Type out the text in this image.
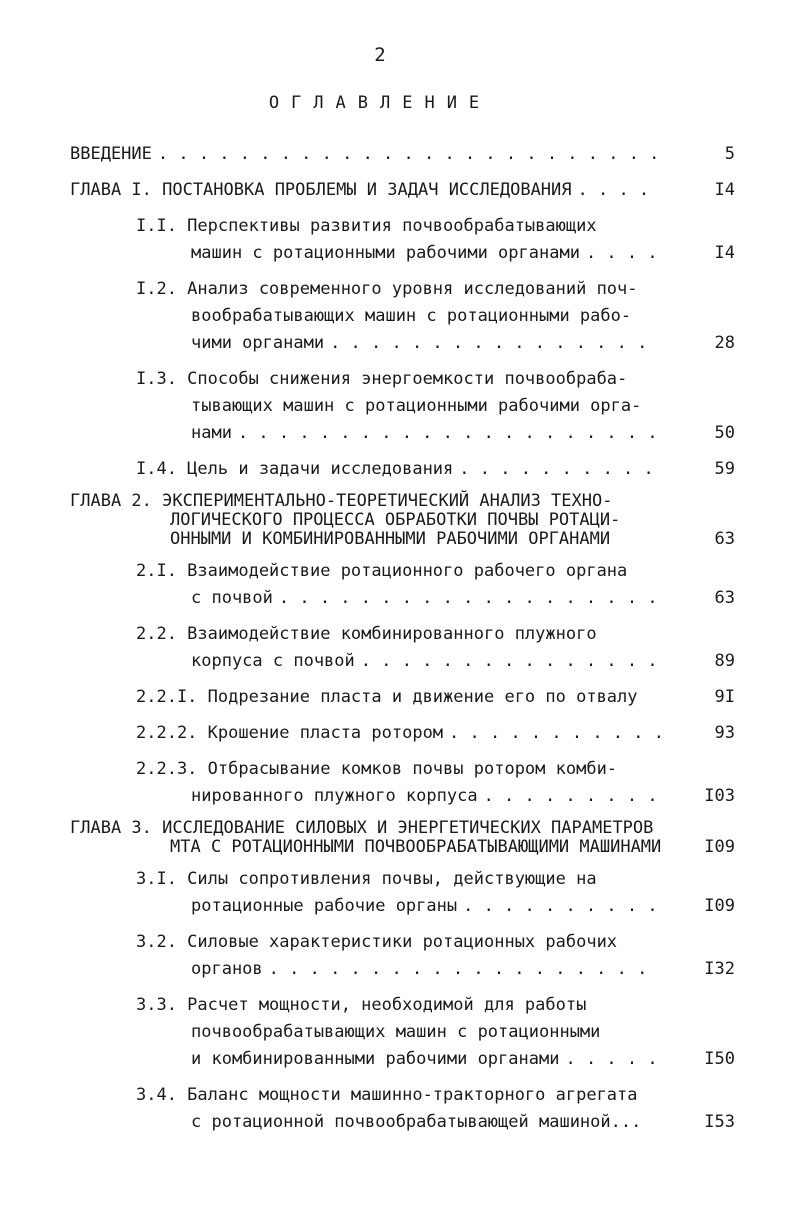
2
ОГЛАВЛЕНИЕ
ВВЕДЕНИЕ . . .	5
ГЛАВА I. ПОСТАНОВКА ПРОБЛЕМЫ И ЗАДАЧ ИССЛЕДОВАНИЯ . . .	I4
I.I. Перспективы развития почвообрабатывающих
машин с ротационными рабочими органами . . .	I4
I.2. Анализ современного уровня исследований поч-
вообрабатывающих машин с ротационными рабо-
чими органами . . .	28
I.3. Способы снижения энергоемкости почвообраба-
тывающих машин с ротационными рабочими орга-
нами . . .	50
I.4. Цель и задачи исследования . . .	59
ГЛАВА 2. ЭКСПЕРИМЕНТАЛЬНО-ТЕОРЕТИЧЕСКИЙ АНАЛИЗ ТЕХНО-
ЛОГИЧЕСКОГО ПРОЦЕССА ОБРАБОТКИ ПОЧВЫ РОТАЦИ-
ОННЫМИ И КОМБИНИРОВАННЫМИ РАБОЧИМИ ОРГАНАМИ	63
2.I. Взаимодействие ротационного рабочего органа
с почвой . . .	63
2.2. Взаимодействие комбинированного плужного
корпуса с почвой . . .	89
2.2.I. Подрезание пласта и движение его по отвалу	9I
2.2.2. Крошение пласта ротором . . .	93
2.2.3. Отбрасывание комков почвы ротором комби-
нированного плужного корпуса . . .	I03
ГЛАВА 3. ИССЛЕДОВАНИЕ СИЛОВЫХ И ЭНЕРГЕТИЧЕСКИХ ПАРАМЕТРОВ
МТА С РОТАЦИОННЫМИ ПОЧВООБРАБАТЫВАЮЩИМИ МАШИНАМИ	I09
3.I. Силы сопротивления почвы, действующие на
ротационные рабочие органы . . .	I09
3.2. Силовые характеристики ротационных рабочих
органов . . .	I32
3.3. Расчет мощности, необходимой для работы
почвообрабатывающих машин с ротационными
и комбинированными рабочими органами . . .	I50
3.4. Баланс мощности машинно-тракторного агрегата
с ротационной почвообрабатывающей машиной...	I53
